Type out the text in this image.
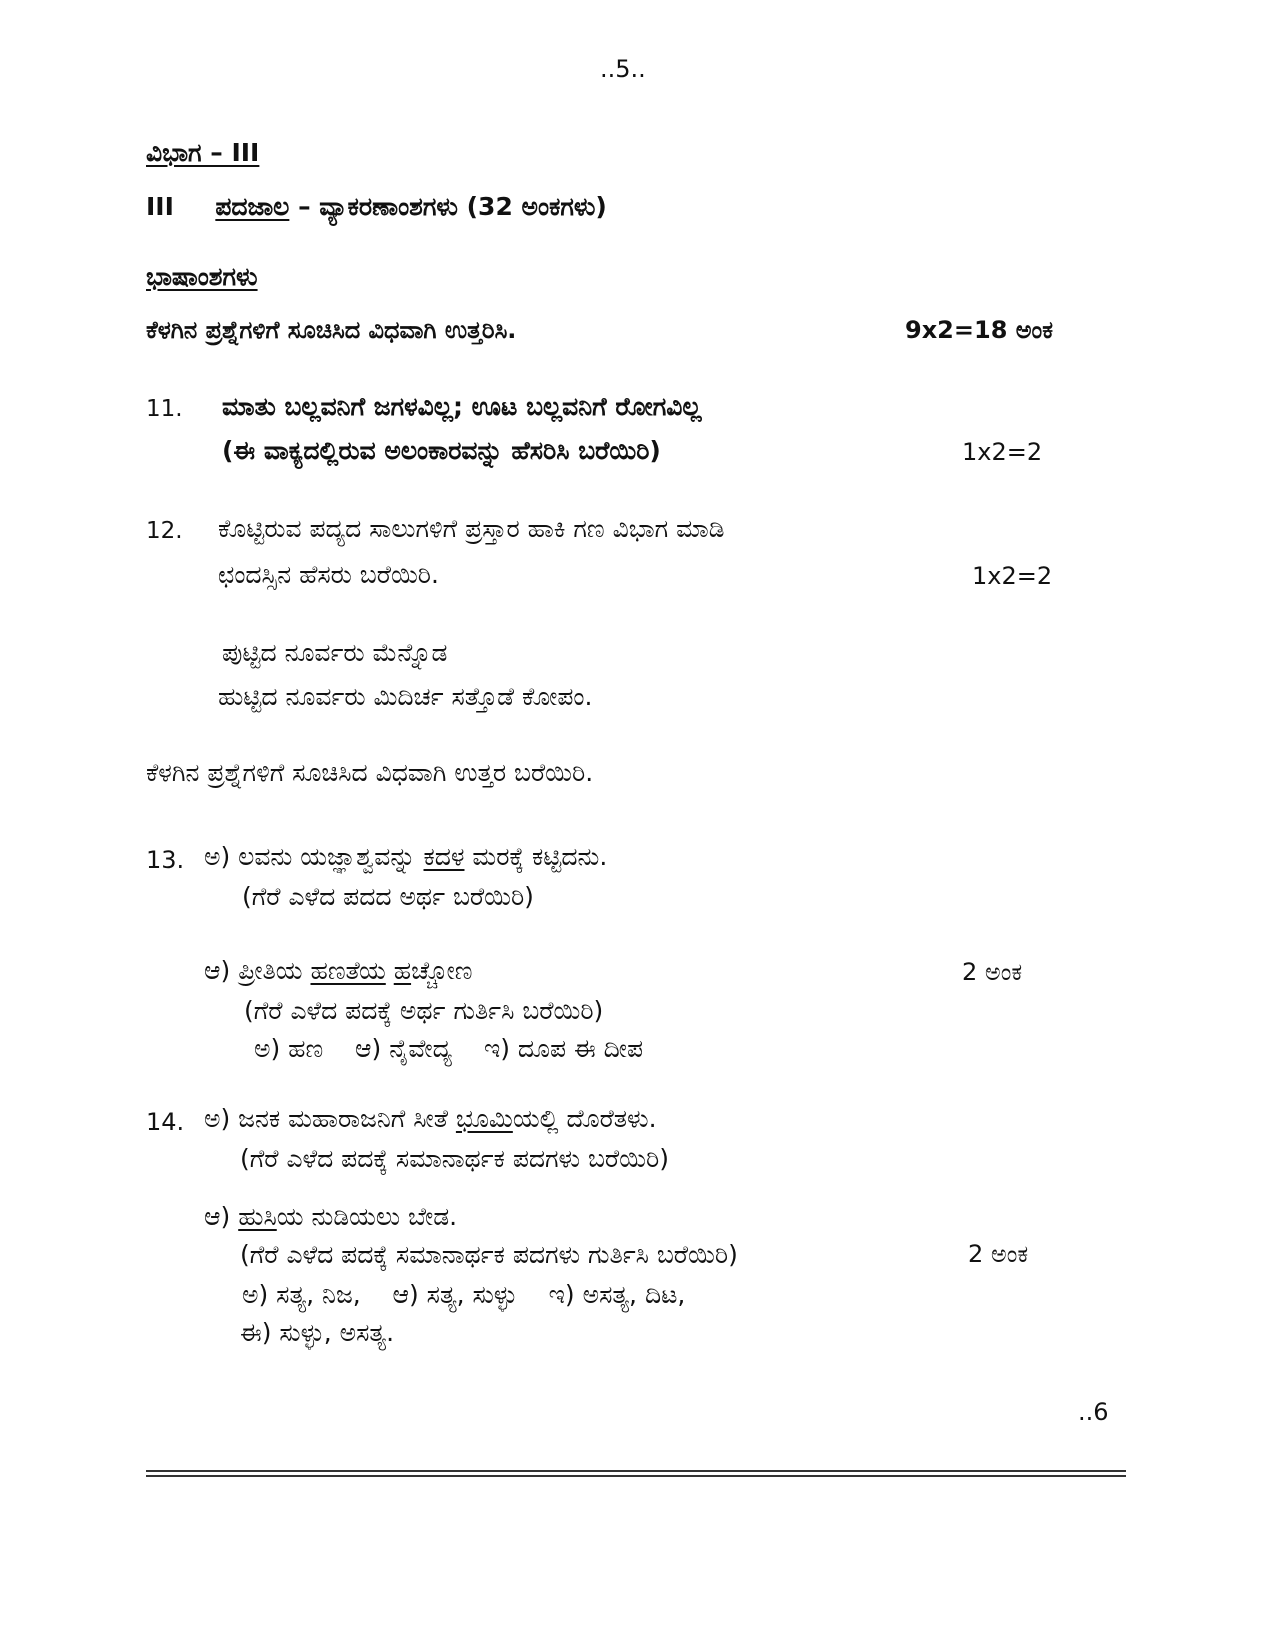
..5..
ವಿಭಾಗ – III
III ಪದಜಾಲ – ವ್ಯಾಕರಣಾಂಶಗಳು (32 ಅಂಕಗಳು)
ಭಾಷಾಂಶಗಳು
ಕೆಳಗಿನ ಪ್ರಶ್ನೆಗಳಿಗೆ ಸೂಚಿಸಿದ ವಿಧವಾಗಿ ಉತ್ತರಿಸಿ.	9x2=18 ಅಂಕ
11. ಮಾತು ಬಲ್ಲವನಿಗೆ ಜಗಳವಿಲ್ಲ; ಊಟ ಬಲ್ಲವನಿಗೆ ರೋಗವಿಲ್ಲ
(ಈ ವಾಕ್ಯದಲ್ಲಿರುವ ಅಲಂಕಾರವನ್ನು ಹೆಸರಿಸಿ ಬರೆಯಿರಿ)	1x2=2
12. ಕೊಟ್ಟಿರುವ ಪದ್ಯದ ಸಾಲುಗಳಿಗೆ ಪ್ರಸ್ತಾರ ಹಾಕಿ ಗಣ ವಿಭಾಗ ಮಾಡಿ
ಛಂದಸ್ಸಿನ ಹೆಸರು ಬರೆಯಿರಿ.	1x2=2
ಪುಟ್ಟಿದ ನೂರ್ವರು ಮೆನ್ನೊಡ
ಹುಟ್ಟಿದ ನೂರ್ವರು ಮಿದಿರ್ಚ ಸತ್ತೊಡೆ ಕೋಪಂ.
ಕೆಳಗಿನ ಪ್ರಶ್ನೆಗಳಿಗೆ ಸೂಚಿಸಿದ ವಿಧವಾಗಿ ಉತ್ತರ ಬರೆಯಿರಿ.
13. ಅ) ಲವನು ಯಜ್ಞಾಶ್ವವನ್ನು ಕದಳ ಮರಕ್ಕೆ ಕಟ್ಟಿದನು.
(ಗೆರೆ ಎಳೆದ ಪದದ ಅರ್ಥ ಬರೆಯಿರಿ)
ಆ) ಪ್ರೀತಿಯ ಹಣತೆಯ ಹಚ್ಚೋಣ	2 ಅಂಕ
(ಗೆರೆ ಎಳೆದ ಪದಕ್ಕೆ ಅರ್ಥ ಗುರ್ತಿಸಿ ಬರೆಯಿರಿ)
ಅ) ಹಣ    ಆ) ನೈವೇದ್ಯ    ಇ) ದೂಪ ಈ ದೀಪ
14. ಅ) ಜನಕ ಮಹಾರಾಜನಿಗೆ ಸೀತೆ ಭೂಮಿಯಲ್ಲಿ ದೊರೆತಳು.
(ಗೆರೆ ಎಳೆದ ಪದಕ್ಕೆ ಸಮಾನಾರ್ಥಕ ಪದಗಳು ಬರೆಯಿರಿ)
ಆ) ಹುಸಿಯ ನುಡಿಯಲು ಬೇಡ.
(ಗೆರೆ ಎಳೆದ ಪದಕ್ಕೆ ಸಮಾನಾರ್ಥಕ ಪದಗಳು ಗುರ್ತಿಸಿ ಬರೆಯಿರಿ)	2 ಅಂಕ
ಅ) ಸತ್ಯ, ನಿಜ,    ಆ) ಸತ್ಯ, ಸುಳ್ಳು    ಇ) ಅಸತ್ಯ, ದಿಟ,
ಈ) ಸುಳ್ಳು, ಅಸತ್ಯ.
..6
